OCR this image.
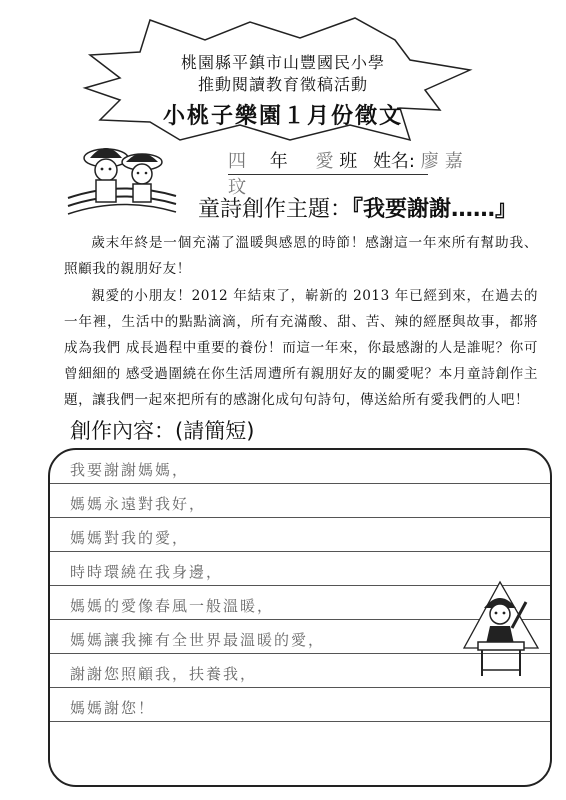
桃園縣平鎮市山豐國民小學
推動閱讀教育徵稿活動
小桃子樂園１月份徵文
四 年 愛 班 姓名: 廖嘉玟
童詩創作主題：『我要謝謝……』
歲末年終是一個充滿了溫暖與感恩的時節！感謝這一年來所有幫助我、照顧我的親朋好友！
親愛的小朋友！2012 年結束了，嶄新的 2013 年已經到來，在過去的一年裡，生活中的點點滴滴，所有充滿酸、甜、苦、辣的經歷與故事，都將成為我們 成長過程中重要的養份！而這一年來，你最感謝的人是誰呢？你可曾細細的 感受過圍繞在你生活周遭所有親朋好友的關愛呢？本月童詩創作主題，讓我們一起來把所有的感謝化成句句詩句，傳送給所有愛我們的人吧！
創作內容：(請簡短)
我要謝謝媽媽，
媽媽永遠對我好，
媽媽對我的愛，
時時環繞在我身邊，
媽媽的愛像春風一般溫暖，
媽媽讓我擁有全世界最溫暖的愛，
謝謝您照顧我，扶養我，
媽媽謝您！
